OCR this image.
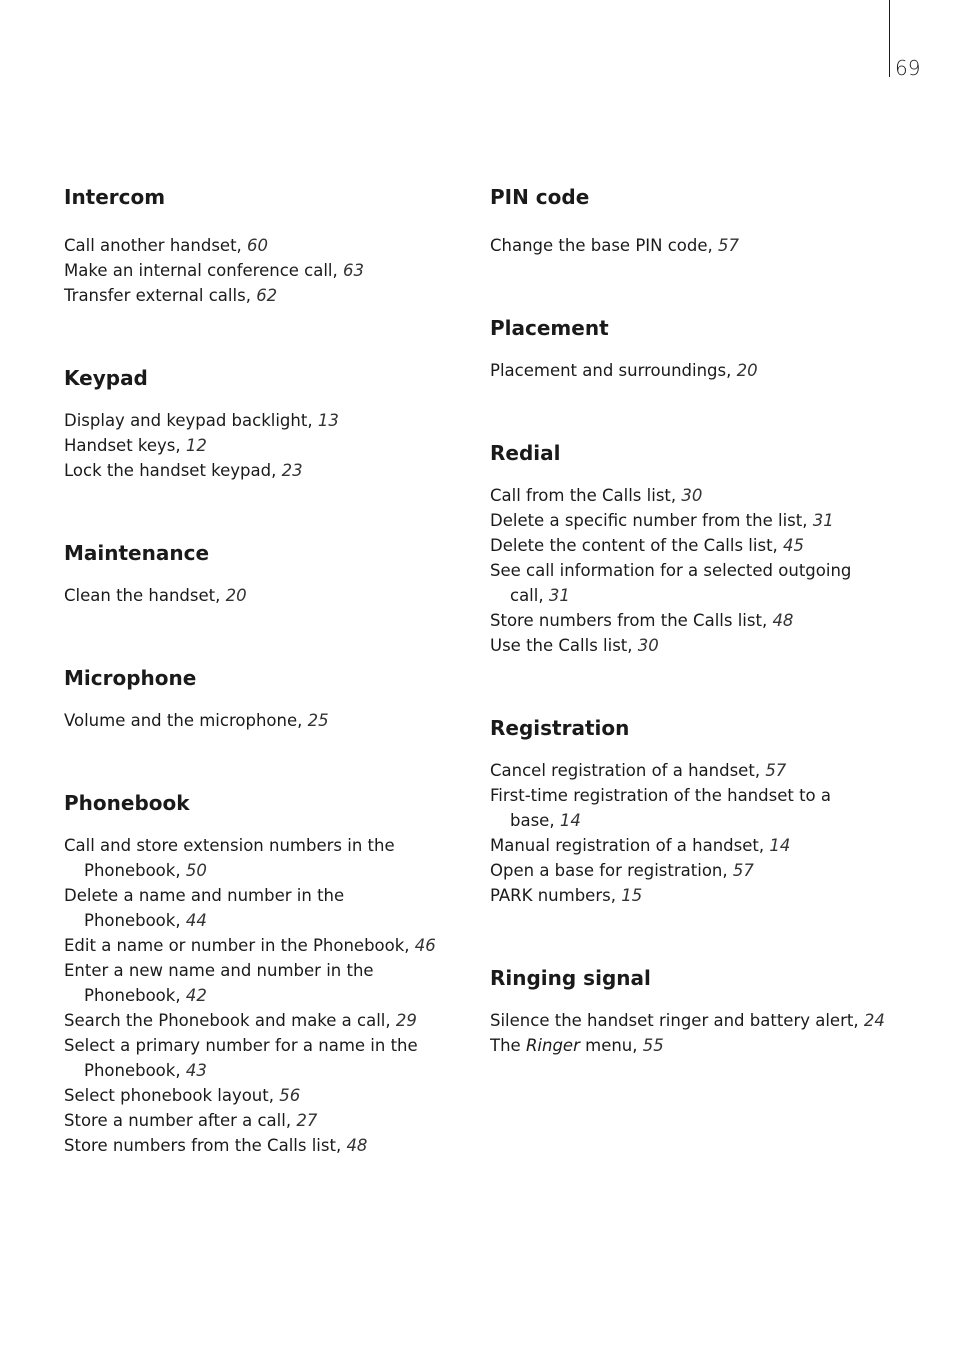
69
Intercom
Call another handset, 60
Make an internal conference call, 63
Transfer external calls, 62
Keypad
Display and keypad backlight, 13
Handset keys, 12
Lock the handset keypad, 23
Maintenance
Clean the handset, 20
Microphone
Volume and the microphone, 25
Phonebook
Call and store extension numbers in the
Phonebook, 50
Delete a name and number in the
Phonebook, 44
Edit a name or number in the Phonebook, 46
Enter a new name and number in the
Phonebook, 42
Search the Phonebook and make a call, 29
Select a primary number for a name in the
Phonebook, 43
Select phonebook layout, 56
Store a number after a call, 27
Store numbers from the Calls list, 48
PIN code
Change the base PIN code, 57
Placement
Placement and surroundings, 20
Redial
Call from the Calls list, 30
Delete a specific number from the list, 31
Delete the content of the Calls list, 45
See call information for a selected outgoing
call, 31
Store numbers from the Calls list, 48
Use the Calls list, 30
Registration
Cancel registration of a handset, 57
First-time registration of the handset to a
base, 14
Manual registration of a handset, 14
Open a base for registration, 57
PARK numbers, 15
Ringing signal
Silence the handset ringer and battery alert, 24
The Ringer menu, 55
